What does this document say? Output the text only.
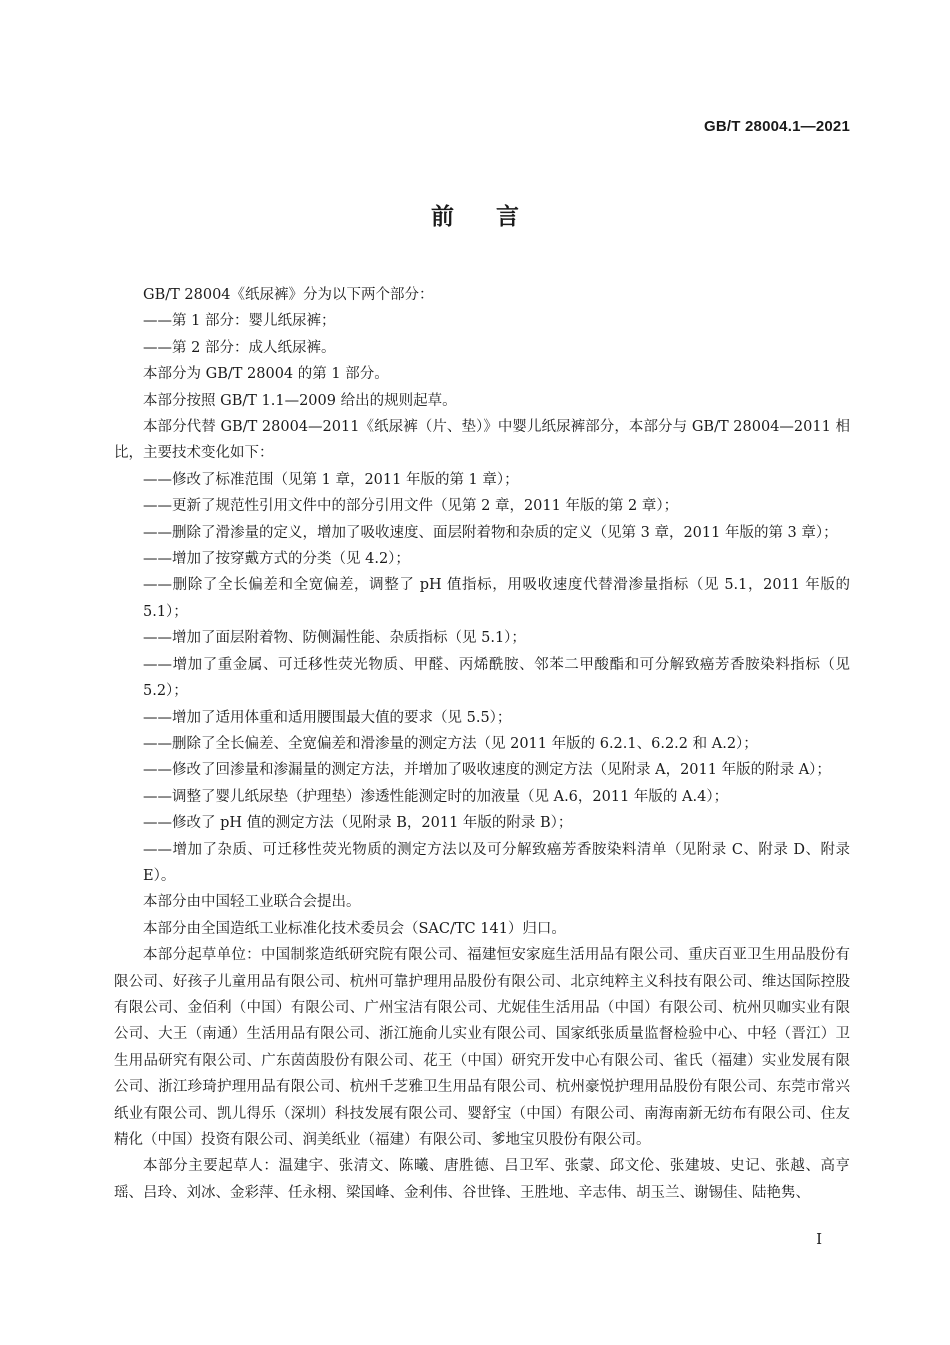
GB/T 28004.1—2021
前言

GB/T 28004《纸尿裤》分为以下两个部分：

——第 1 部分：婴儿纸尿裤；

——第 2 部分：成人纸尿裤。

本部分为 GB/T 28004 的第 1 部分。

本部分按照 GB/T 1.1—2009 给出的规则起草。

本部分代替 GB/T 28004—2011《纸尿裤（片、垫）》中婴儿纸尿裤部分，本部分与 GB/T 28004—2011 相比，主要技术变化如下：

——修改了标准范围（见第 1 章，2011 年版的第 1 章）；

——更新了规范性引用文件中的部分引用文件（见第 2 章，2011 年版的第 2 章）；

——删除了滑渗量的定义，增加了吸收速度、面层附着物和杂质的定义（见第 3 章，2011 年版的第 3 章）；

——增加了按穿戴方式的分类（见 4.2）；

——删除了全长偏差和全宽偏差，调整了 pH 值指标，用吸收速度代替滑渗量指标（见 5.1，2011 年版的 5.1）；

——增加了面层附着物、防侧漏性能、杂质指标（见 5.1）；

——增加了重金属、可迁移性荧光物质、甲醛、丙烯酰胺、邻苯二甲酸酯和可分解致癌芳香胺染料指标（见 5.2）；

——增加了适用体重和适用腰围最大值的要求（见 5.5）；

——删除了全长偏差、全宽偏差和滑渗量的测定方法（见 2011 年版的 6.2.1、6.2.2 和 A.2）；

——修改了回渗量和渗漏量的测定方法，并增加了吸收速度的测定方法（见附录 A，2011 年版的附录 A）；

——调整了婴儿纸尿垫（护理垫）渗透性能测定时的加液量（见 A.6，2011 年版的 A.4）；

——修改了 pH 值的测定方法（见附录 B，2011 年版的附录 B）；

——增加了杂质、可迁移性荧光物质的测定方法以及可分解致癌芳香胺染料清单（见附录 C、附录 D、附录 E）。

本部分由中国轻工业联合会提出。

本部分由全国造纸工业标准化技术委员会（SAC/TC 141）归口。

本部分起草单位：中国制浆造纸研究院有限公司、福建恒安家庭生活用品有限公司、重庆百亚卫生用品股份有限公司、好孩子儿童用品有限公司、杭州可靠护理用品股份有限公司、北京纯粹主义科技有限公司、维达国际控股有限公司、金佰利（中国）有限公司、广州宝洁有限公司、尤妮佳生活用品（中国）有限公司、杭州贝咖实业有限公司、大王（南通）生活用品有限公司、浙江施俞儿实业有限公司、国家纸张质量监督检验中心、中轻（晋江）卫生用品研究有限公司、广东茵茵股份有限公司、花王（中国）研究开发中心有限公司、雀氏（福建）实业发展有限公司、浙江珍琦护理用品有限公司、杭州千芝雅卫生用品有限公司、杭州豪悦护理用品股份有限公司、东莞市常兴纸业有限公司、凯儿得乐（深圳）科技发展有限公司、婴舒宝（中国）有限公司、南海南新无纺布有限公司、住友精化（中国）投资有限公司、润美纸业（福建）有限公司、爹地宝贝股份有限公司。

本部分主要起草人：温建宇、张清文、陈曦、唐胜德、吕卫军、张蒙、邱文伦、张建坡、史记、张越、高亨瑶、吕玲、刘冰、金彩萍、任永栩、梁国峰、金利伟、谷世锋、王胜地、辛志伟、胡玉兰、谢锡佳、陆艳隽、

I
